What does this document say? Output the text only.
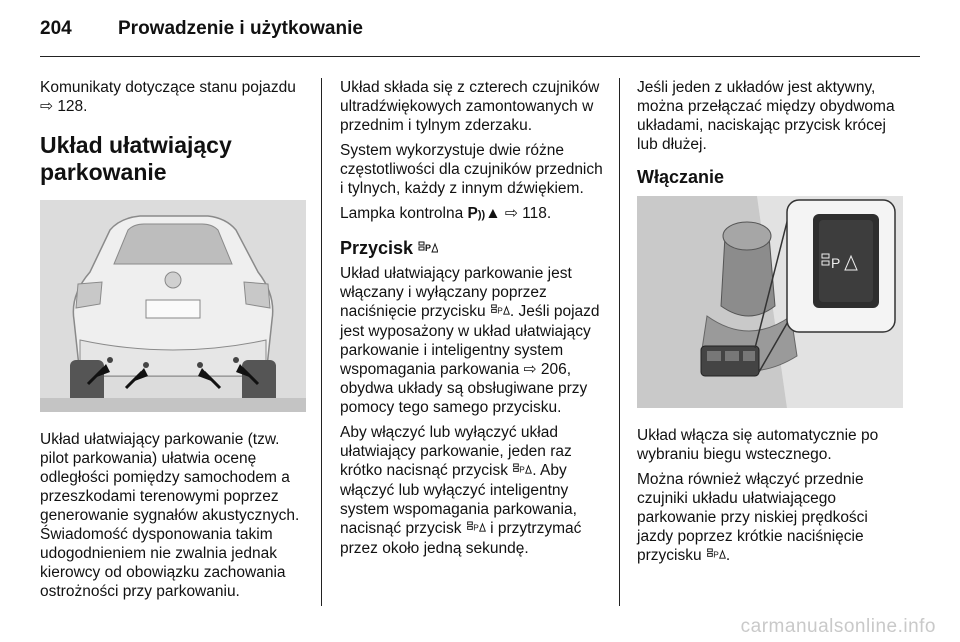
204	Prowadzenie i użytkowanie

Komunikaty dotyczące stanu pojazdu
⇨ 128.

Układ ułatwiający parkowanie

Układ ułatwiający parkowanie (tzw. pilot parkowania) ułatwia ocenę odległości pomiędzy samochodem a przeszkodami terenowymi poprzez generowanie sygnałów akustycznych. Świadomość dysponowania takim udogodnieniem nie zwalnia jednak kierowcy od obowiązku zachowania ostrożności przy parkowaniu.

Układ składa się z czterech czujników ultradźwiękowych zamontowanych w przednim i tylnym zderzaku.

System wykorzystuje dwie różne częstotliwości dla czujników przednich i tylnych, każdy z innym dźwiękiem.

Lampka kontrolna P))▲ ⇨ 118.

Przycisk P

Układ ułatwiający parkowanie jest włączany i wyłączany poprzez naciśnięcie przycisku P . Jeśli pojazd jest wyposażony w układ ułatwiający parkowanie i inteligentny system wspomagania parkowania ⇨ 206, obydwa układy są obsługiwane przy pomocy tego samego przycisku.

Aby włączyć lub wyłączyć układ ułatwiający parkowanie, jeden raz krótko nacisnąć przycisk P . Aby włączyć lub wyłączyć inteligentny system wspomagania parkowania, nacisnąć przycisk P i przytrzymać przez około jedną sekundę.

Jeśli jeden z układów jest aktywny, można przełączać między obydwoma układami, naciskając przycisk krócej lub dłużej.

Włączanie
P

Układ włącza się automatycznie po wybraniu biegu wstecznego.

Można również włączyć przednie czujniki układu ułatwiającego parkowanie przy niskiej prędkości jazdy poprzez krótkie naciśnięcie przycisku P .

carmanualsonline.info
